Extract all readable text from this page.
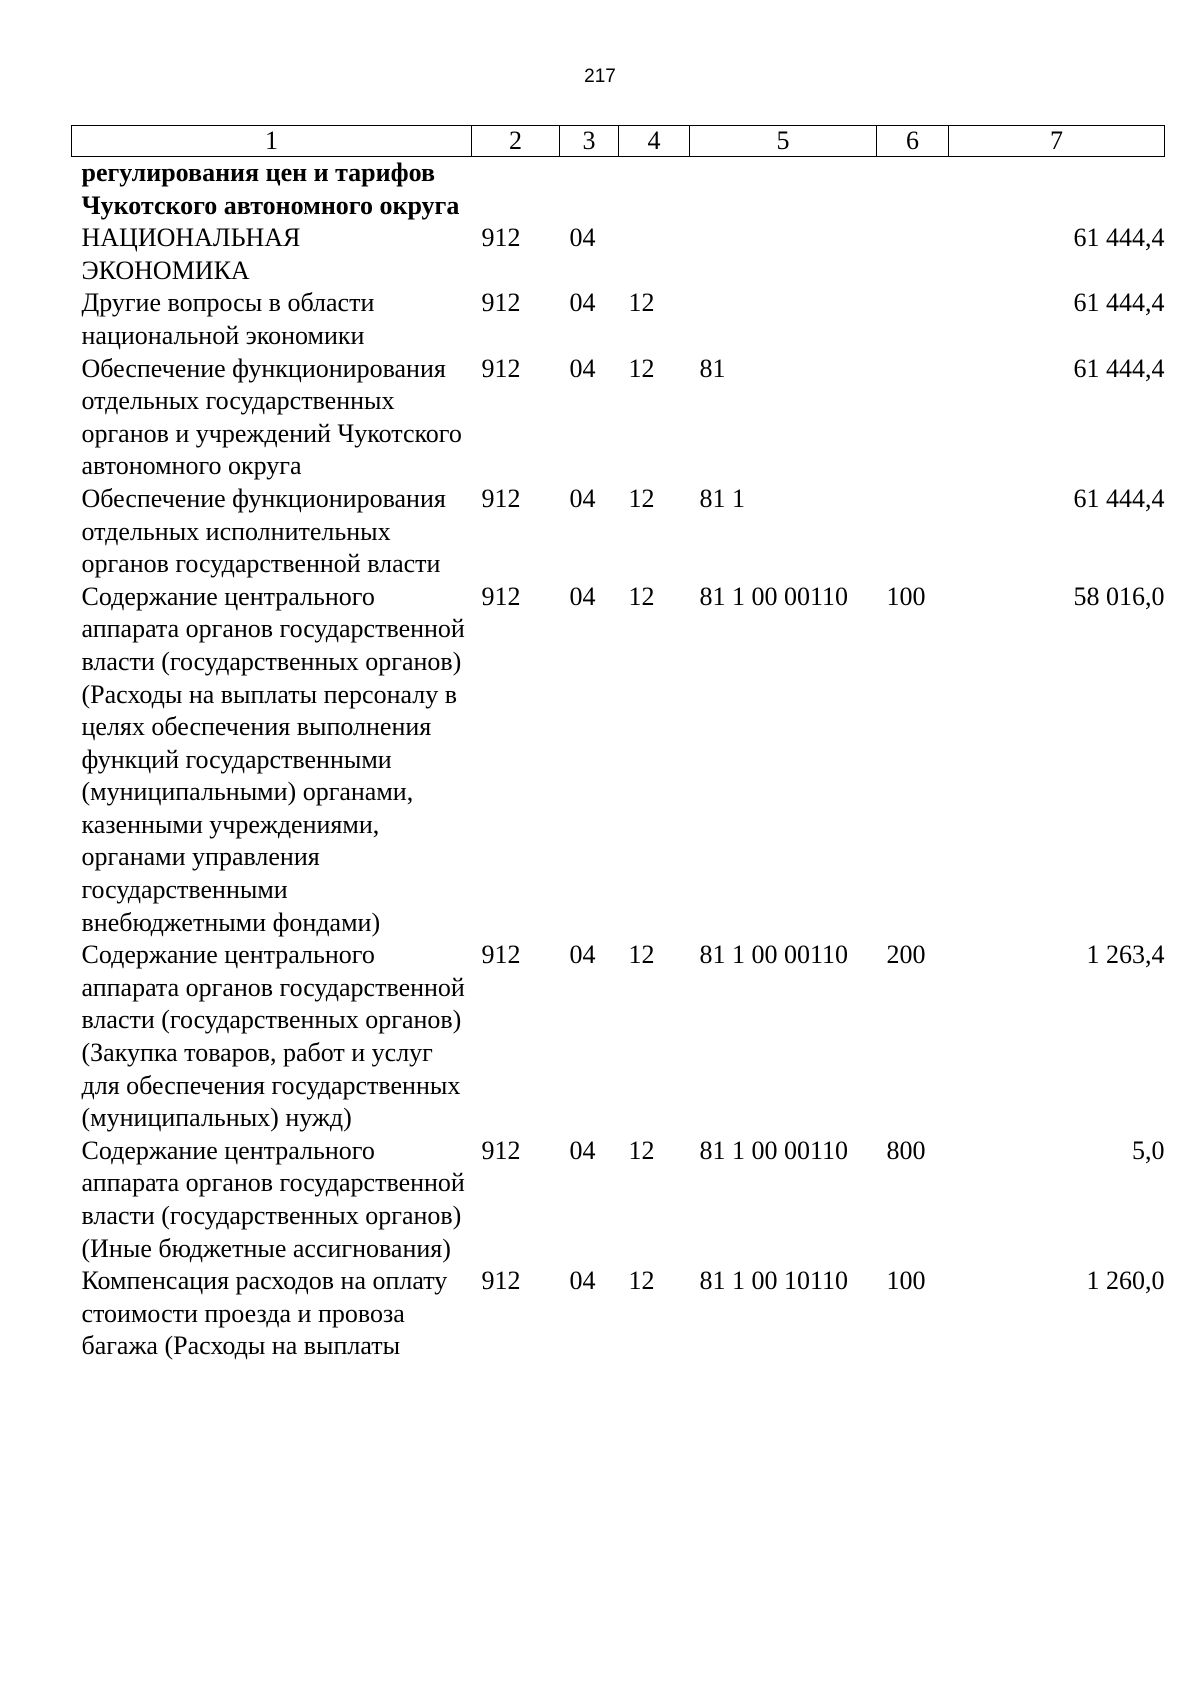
217
1	2	3	4	5	6	7
регулирования цен и тарифов Чукотского автономного округа						
НАЦИОНАЛЬНАЯ ЭКОНОМИКА	912	04				61 444,4
Другие вопросы в области национальной экономики	912	04	12			61 444,4
Обеспечение функционирования отдельных государственных органов и учреждений Чукотского автономного округа	912	04	12	81		61 444,4
Обеспечение функционирования отдельных исполнительных органов государственной власти	912	04	12	81 1		61 444,4
Содержание центрального аппарата органов государственной власти (государственных органов) (Расходы на выплаты персоналу в целях обеспечения выполнения функций государственными (муниципальными) органами, казенными учреждениями, органами управления государственными внебюджетными фондами)	912	04	12	81 1 00 00110	100	58 016,0
Содержание центрального аппарата органов государственной власти (государственных органов) (Закупка товаров, работ и услуг для обеспечения государственных (муниципальных) нужд)	912	04	12	81 1 00 00110	200	1 263,4
Содержание центрального аппарата органов государственной власти (государственных органов) (Иные бюджетные ассигнования)	912	04	12	81 1 00 00110	800	5,0
Компенсация расходов на оплату стоимости проезда и провоза багажа (Расходы на выплаты	912	04	12	81 1 00 10110	100	1 260,0
